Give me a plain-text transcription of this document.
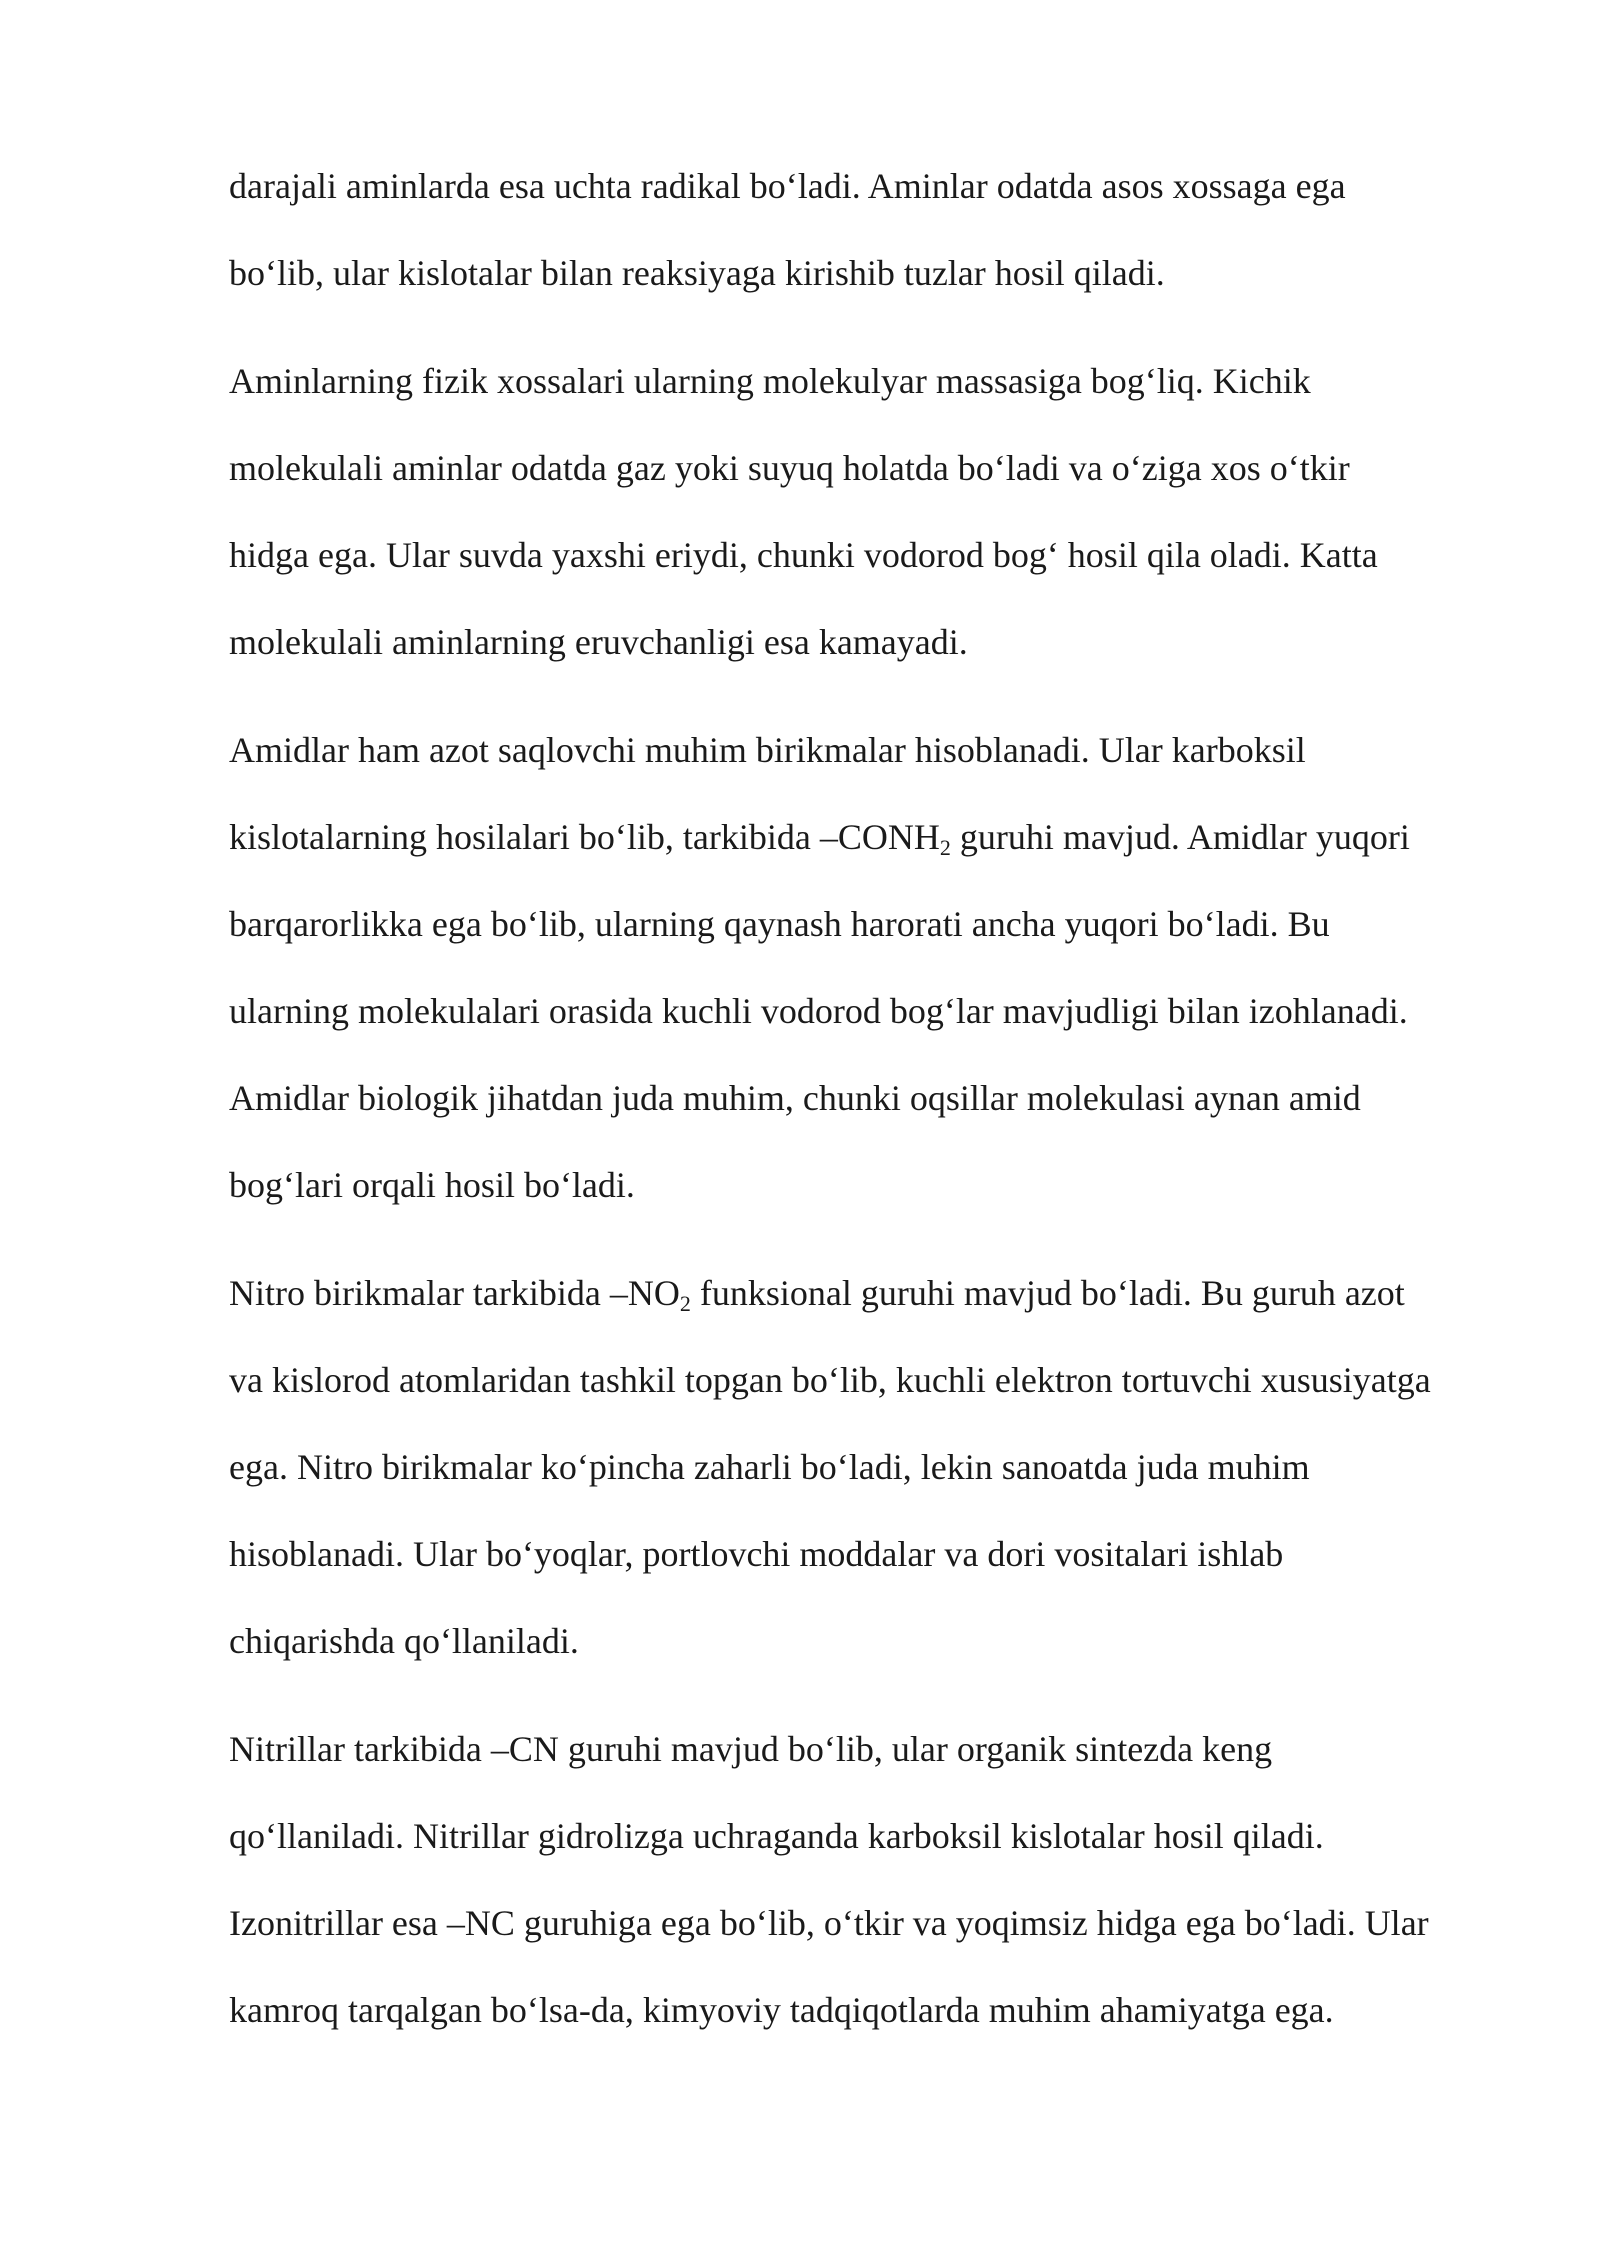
darajali aminlarda esa uchta radikal bo‘ladi. Aminlar odatda asos xossaga ega
bo‘lib, ular kislotalar bilan reaksiyaga kirishib tuzlar hosil qiladi.
Aminlarning fizik xossalari ularning molekulyar massasiga bog‘liq. Kichik
molekulali aminlar odatda gaz yoki suyuq holatda bo‘ladi va o‘ziga xos o‘tkir
hidga ega. Ular suvda yaxshi eriydi, chunki vodorod bog‘ hosil qila oladi. Katta
molekulali aminlarning eruvchanligi esa kamayadi.
Amidlar ham azot saqlovchi muhim birikmalar hisoblanadi. Ular karboksil
kislotalarning hosilalari bo‘lib, tarkibida $-CONH_2$ guruhi mavjud. Amidlar yuqori
barqarorlikka ega bo‘lib, ularning qaynash harorati ancha yuqori bo‘ladi. Bu
ularning molekulalari orasida kuchli vodorod bog‘lar mavjudligi bilan izohlanadi.
Amidlar biologik jihatdan juda muhim, chunki oqsillar molekulasi aynan amid
bog‘lari orqali hosil bo‘ladi.
Nitro birikmalar tarkibida $-NO_2$ funksional guruhi mavjud bo‘ladi. Bu guruh azot
va kislorod atomlaridan tashkil topgan bo‘lib, kuchli elektron tortuvchi xususiyatga
ega. Nitro birikmalar ko‘pincha zaharli bo‘ladi, lekin sanoatda juda muhim
hisoblanadi. Ular bo‘yoqlar, portlovchi moddalar va dori vositalari ishlab
chiqarishda qo‘llaniladi.
Nitrillar tarkibida –CN guruhi mavjud bo‘lib, ular organik sintezda keng
qo‘llaniladi. Nitrillar gidrolizga uchraganda karboksil kislotalar hosil qiladi.
Izonitrillar esa –NC guruhiga ega bo‘lib, o‘tkir va yoqimsiz hidga ega bo‘ladi. Ular
kamroq tarqalgan bo‘lsa-da, kimyoviy tadqiqotlarda muhim ahamiyatga ega.
